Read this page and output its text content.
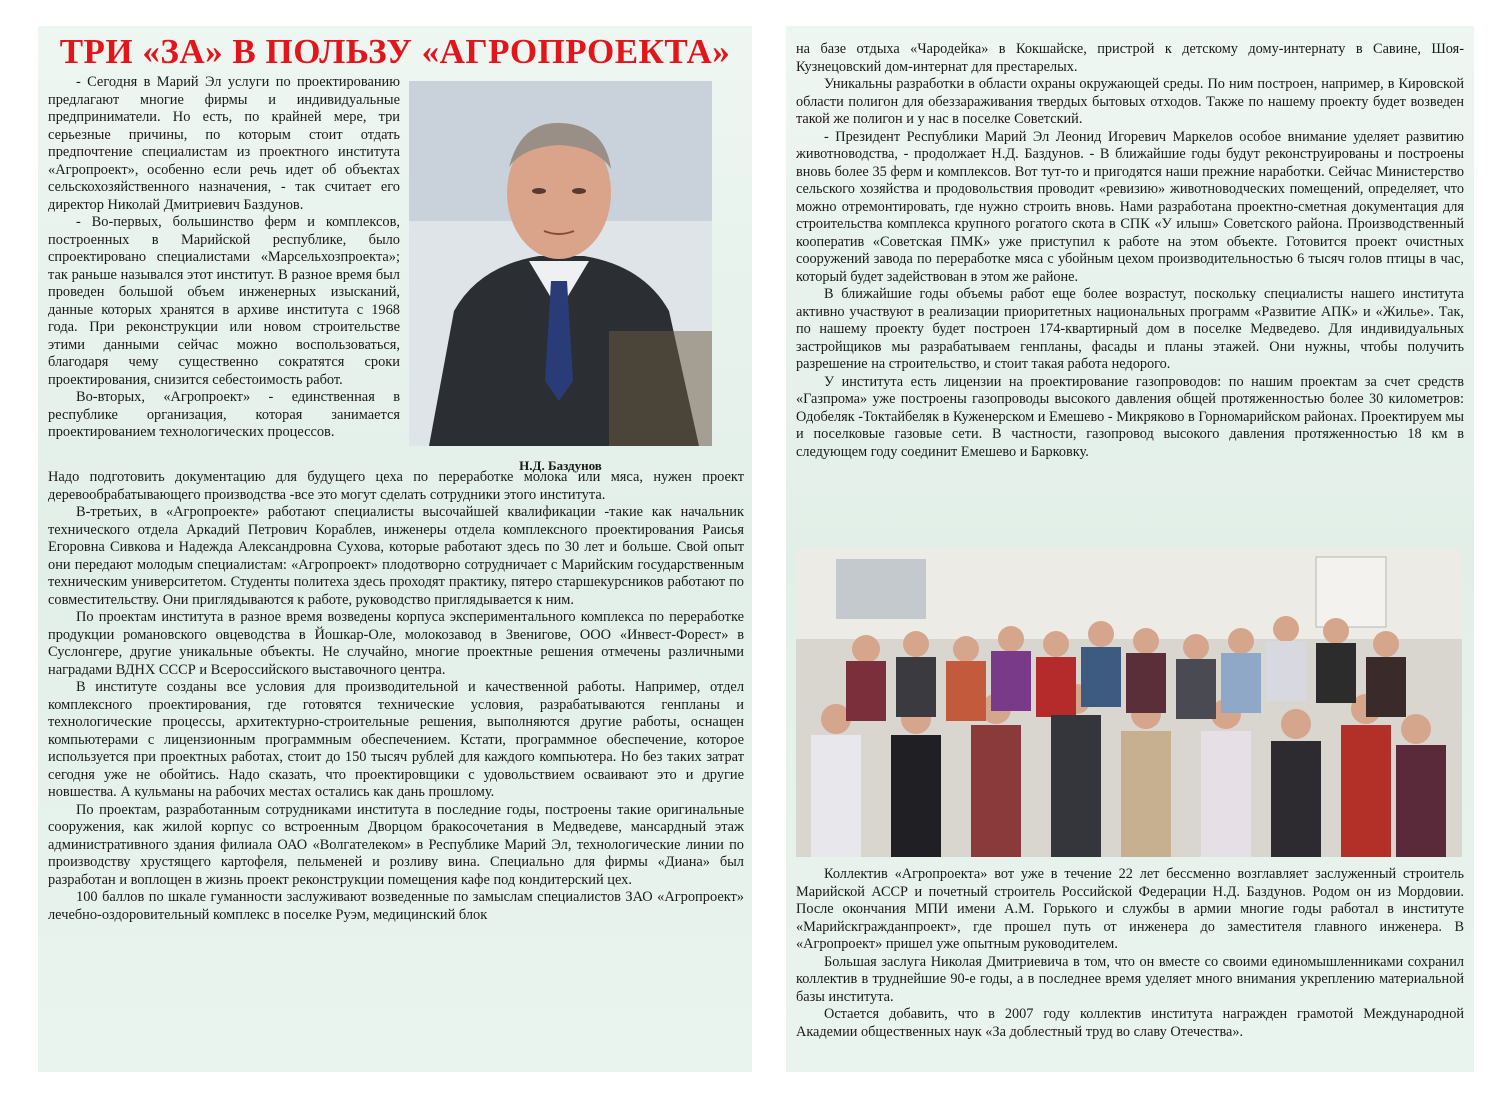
ТРИ «ЗА» В ПОЛЬЗУ «АГРОПРОЕКТА»

- Сегодня в Марий Эл услуги по проектированию предлагают многие фирмы и индивидуальные предприниматели. Но есть, по крайней мере, три серьезные причины, по которым стоит отдать предпочтение специалистам из проектного института «Агропроект», особенно если речь идет об объектах сельскохозяйственного назначения, - так считает его директор Николай Дмитриевич Баздунов.

- Во-первых, большинство ферм и комплексов, построенных в Марийской республике, было спроектировано специалистами «Марсельхозпроекта»; так раньше назывался этот институт. В разное время был проведен большой объем инженерных изысканий, данные которых хранятся в архиве института с 1968 года. При реконструкции или новом строительстве этими данными сейчас можно воспользоваться, благодаря чему существенно сократятся сроки проектирования, снизится себестоимость работ.

Во-вторых, «Агропроект» - единственная в республике организация, которая занимается проектированием технологических процессов.

Н.Д. Баздунов

Надо подготовить документацию для будущего цеха по переработке молока или мяса, нужен проект деревообрабатывающего производства -все это могут сделать сотрудники этого института.

В-третьих, в «Агропроекте» работают специалисты высочайшей квалификации -такие как начальник технического отдела Аркадий Петрович Кораблев, инженеры отдела комплексного проектирования Раисья Егоровна Сивкова и Надежда Александровна Сухова, которые работают здесь по 30 лет и больше. Свой опыт они передают молодым специалистам: «Агропроект» плодотворно сотрудничает с Марийским государственным техническим университетом. Студенты политеха здесь проходят практику, пятеро старшекурсников работают по совместительству. Они приглядываются к работе, руководство приглядывается к ним.

По проектам института в разное время возведены корпуса экспериментального комплекса по переработке продукции романовского овцеводства в Йошкар-Оле, молокозавод в Звенигове, ООО «Инвест-Форест» в Суслонгере, другие уникальные объекты. Не случайно, многие проектные решения отмечены различными наградами ВДНХ СССР и Всероссийского выставочного центра.

В институте созданы все условия для производительной и качественной работы. Например, отдел комплексного проектирования, где готовятся технические условия, разрабатываются генпланы и технологические процессы, архитектурно-строительные решения, выполняются другие работы, оснащен компьютерами с лицензионным программным обеспечением. Кстати, программное обеспечение, которое используется при проектных работах, стоит до 150 тысяч рублей для каждого компьютера. Но без таких затрат сегодня уже не обойтись. Надо сказать, что проектировщики с удовольствием осваивают это и другие новшества. А кульманы на рабочих местах остались как дань прошлому.

По проектам, разработанным сотрудниками института в последние годы, построены такие оригинальные сооружения, как жилой корпус со встроенным Дворцом бракосочетания в Медведеве, мансардный этаж административного здания филиала ОАО «Волгателеком» в Республике Марий Эл, технологические линии по производству хрустящего картофеля, пельменей и розливу вина. Специально для фирмы «Диана» был разработан и воплощен в жизнь проект реконструкции помещения кафе под кондитерский цех.

100 баллов по шкале гуманности заслуживают возведенные по замыслам специалистов ЗАО «Агропроект» лечебно-оздоровительный комплекс в поселке Руэм, медицинский блок

на базе отдыха «Чародейка» в Кокшайске, пристрой к детскому дому-интернату в Савине, Шоя-Кузнецовский дом-интернат для престарелых.

Уникальны разработки в области охраны окружающей среды. По ним построен, например, в Кировской области полигон для обеззараживания твердых бытовых отходов. Также по нашему проекту будет возведен такой же полигон и у нас в поселке Советский.

- Президент Республики Марий Эл Леонид Игоревич Маркелов особое внимание уделяет развитию животноводства, - продолжает Н.Д. Баздунов. - В ближайшие годы будут реконструированы и построены вновь более 35 ферм и комплексов. Вот тут-то и пригодятся наши прежние наработки. Сейчас Министерство сельского хозяйства и продовольствия проводит «ревизию» животноводческих помещений, определяет, что можно отремонтировать, где нужно строить вновь. Нами разработана проектно-сметная документация для строительства комплекса крупного рогатого скота в СПК «У илыш» Советского района. Производственный кооператив «Советская ПМК» уже приступил к работе на этом объекте. Готовится проект очистных сооружений завода по переработке мяса с убойным цехом производительностью 6 тысяч голов птицы в час, который будет задействован в этом же районе.

В ближайшие годы объемы работ еще более возрастут, поскольку специалисты нашего института активно участвуют в реализации приоритетных национальных программ «Развитие АПК» и «Жилье». Так, по нашему проекту будет построен 174-квартирный дом в поселке Медведево. Для индивидуальных застройщиков мы разрабатываем генпланы, фасады и планы этажей. Они нужны, чтобы получить разрешение на строительство, и стоит такая работа недорого.

У института есть лицензии на проектирование газопроводов: по нашим проектам за счет средств «Газпрома» уже построены газопроводы высокого давления общей протяженностью более 30 километров: Одобеляк -Токтайбеляк в Куженерском и Емешево - Микряково в Горномарийском районах. Проектируем мы и поселковые газовые сети. В частности, газопровод высокого давления протяженностью 18 км в следующем году соединит Емешево и Барковку.

Коллектив «Агропроекта» вот уже в течение 22 лет бессменно возглавляет заслуженный строитель Марийской АССР и почетный строитель Российской Федерации Н.Д. Баздунов. Родом он из Мордовии. После окончания МПИ имени А.М. Горького и службы в армии многие годы работал в институте «Марийскгражданпроект», где прошел путь от инженера до заместителя главного инженера. В «Агропроект» пришел уже опытным руководителем.

Большая заслуга Николая Дмитриевича в том, что он вместе со своими единомышленниками сохранил коллектив в труднейшие 90-е годы, а в последнее время уделяет много внимания укреплению материальной базы института.

Остается добавить, что в 2007 году коллектив института награжден грамотой Международной Академии общественных наук «За доблестный труд во славу Отечества».
